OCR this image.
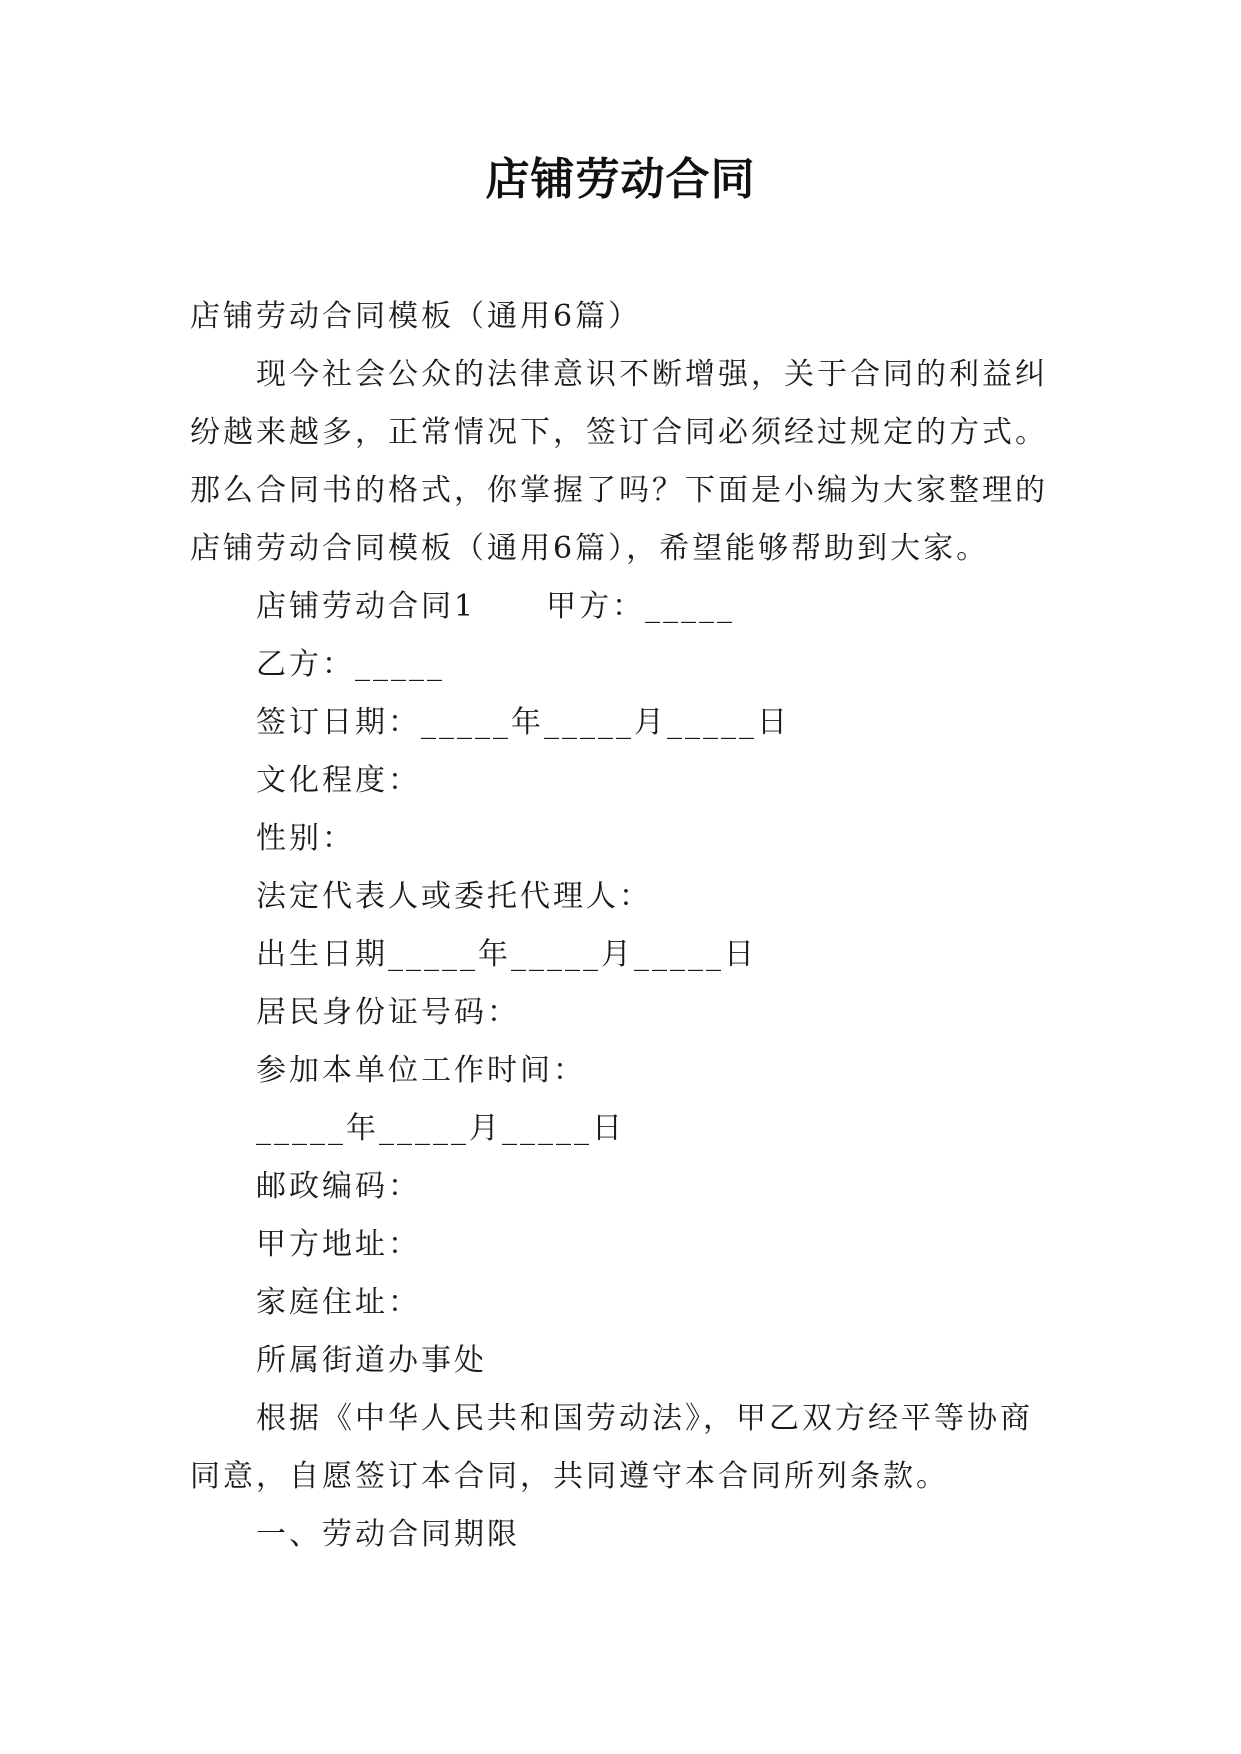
店铺劳动合同
店铺劳动合同模板（通用6篇）
现今社会公众的法律意识不断增强，关于合同的利益纠
纷越来越多，正常情况下，签订合同必须经过规定的方式。
那么合同书的格式，你掌握了吗？下面是小编为大家整理的
店铺劳动合同模板（通用6篇），希望能够帮助到大家。
店铺劳动合同1 甲方：_____
乙方：_____
签订日期：_____年_____月_____日
文化程度：
性别：
法定代表人或委托代理人：
出生日期_____年_____月_____日
居民身份证号码：
参加本单位工作时间：
_____年_____月_____日
邮政编码：
甲方地址：
家庭住址：
所属街道办事处
根据《中华人民共和国劳动法》，甲乙双方经平等协商
同意，自愿签订本合同，共同遵守本合同所列条款。
一、劳动合同期限
